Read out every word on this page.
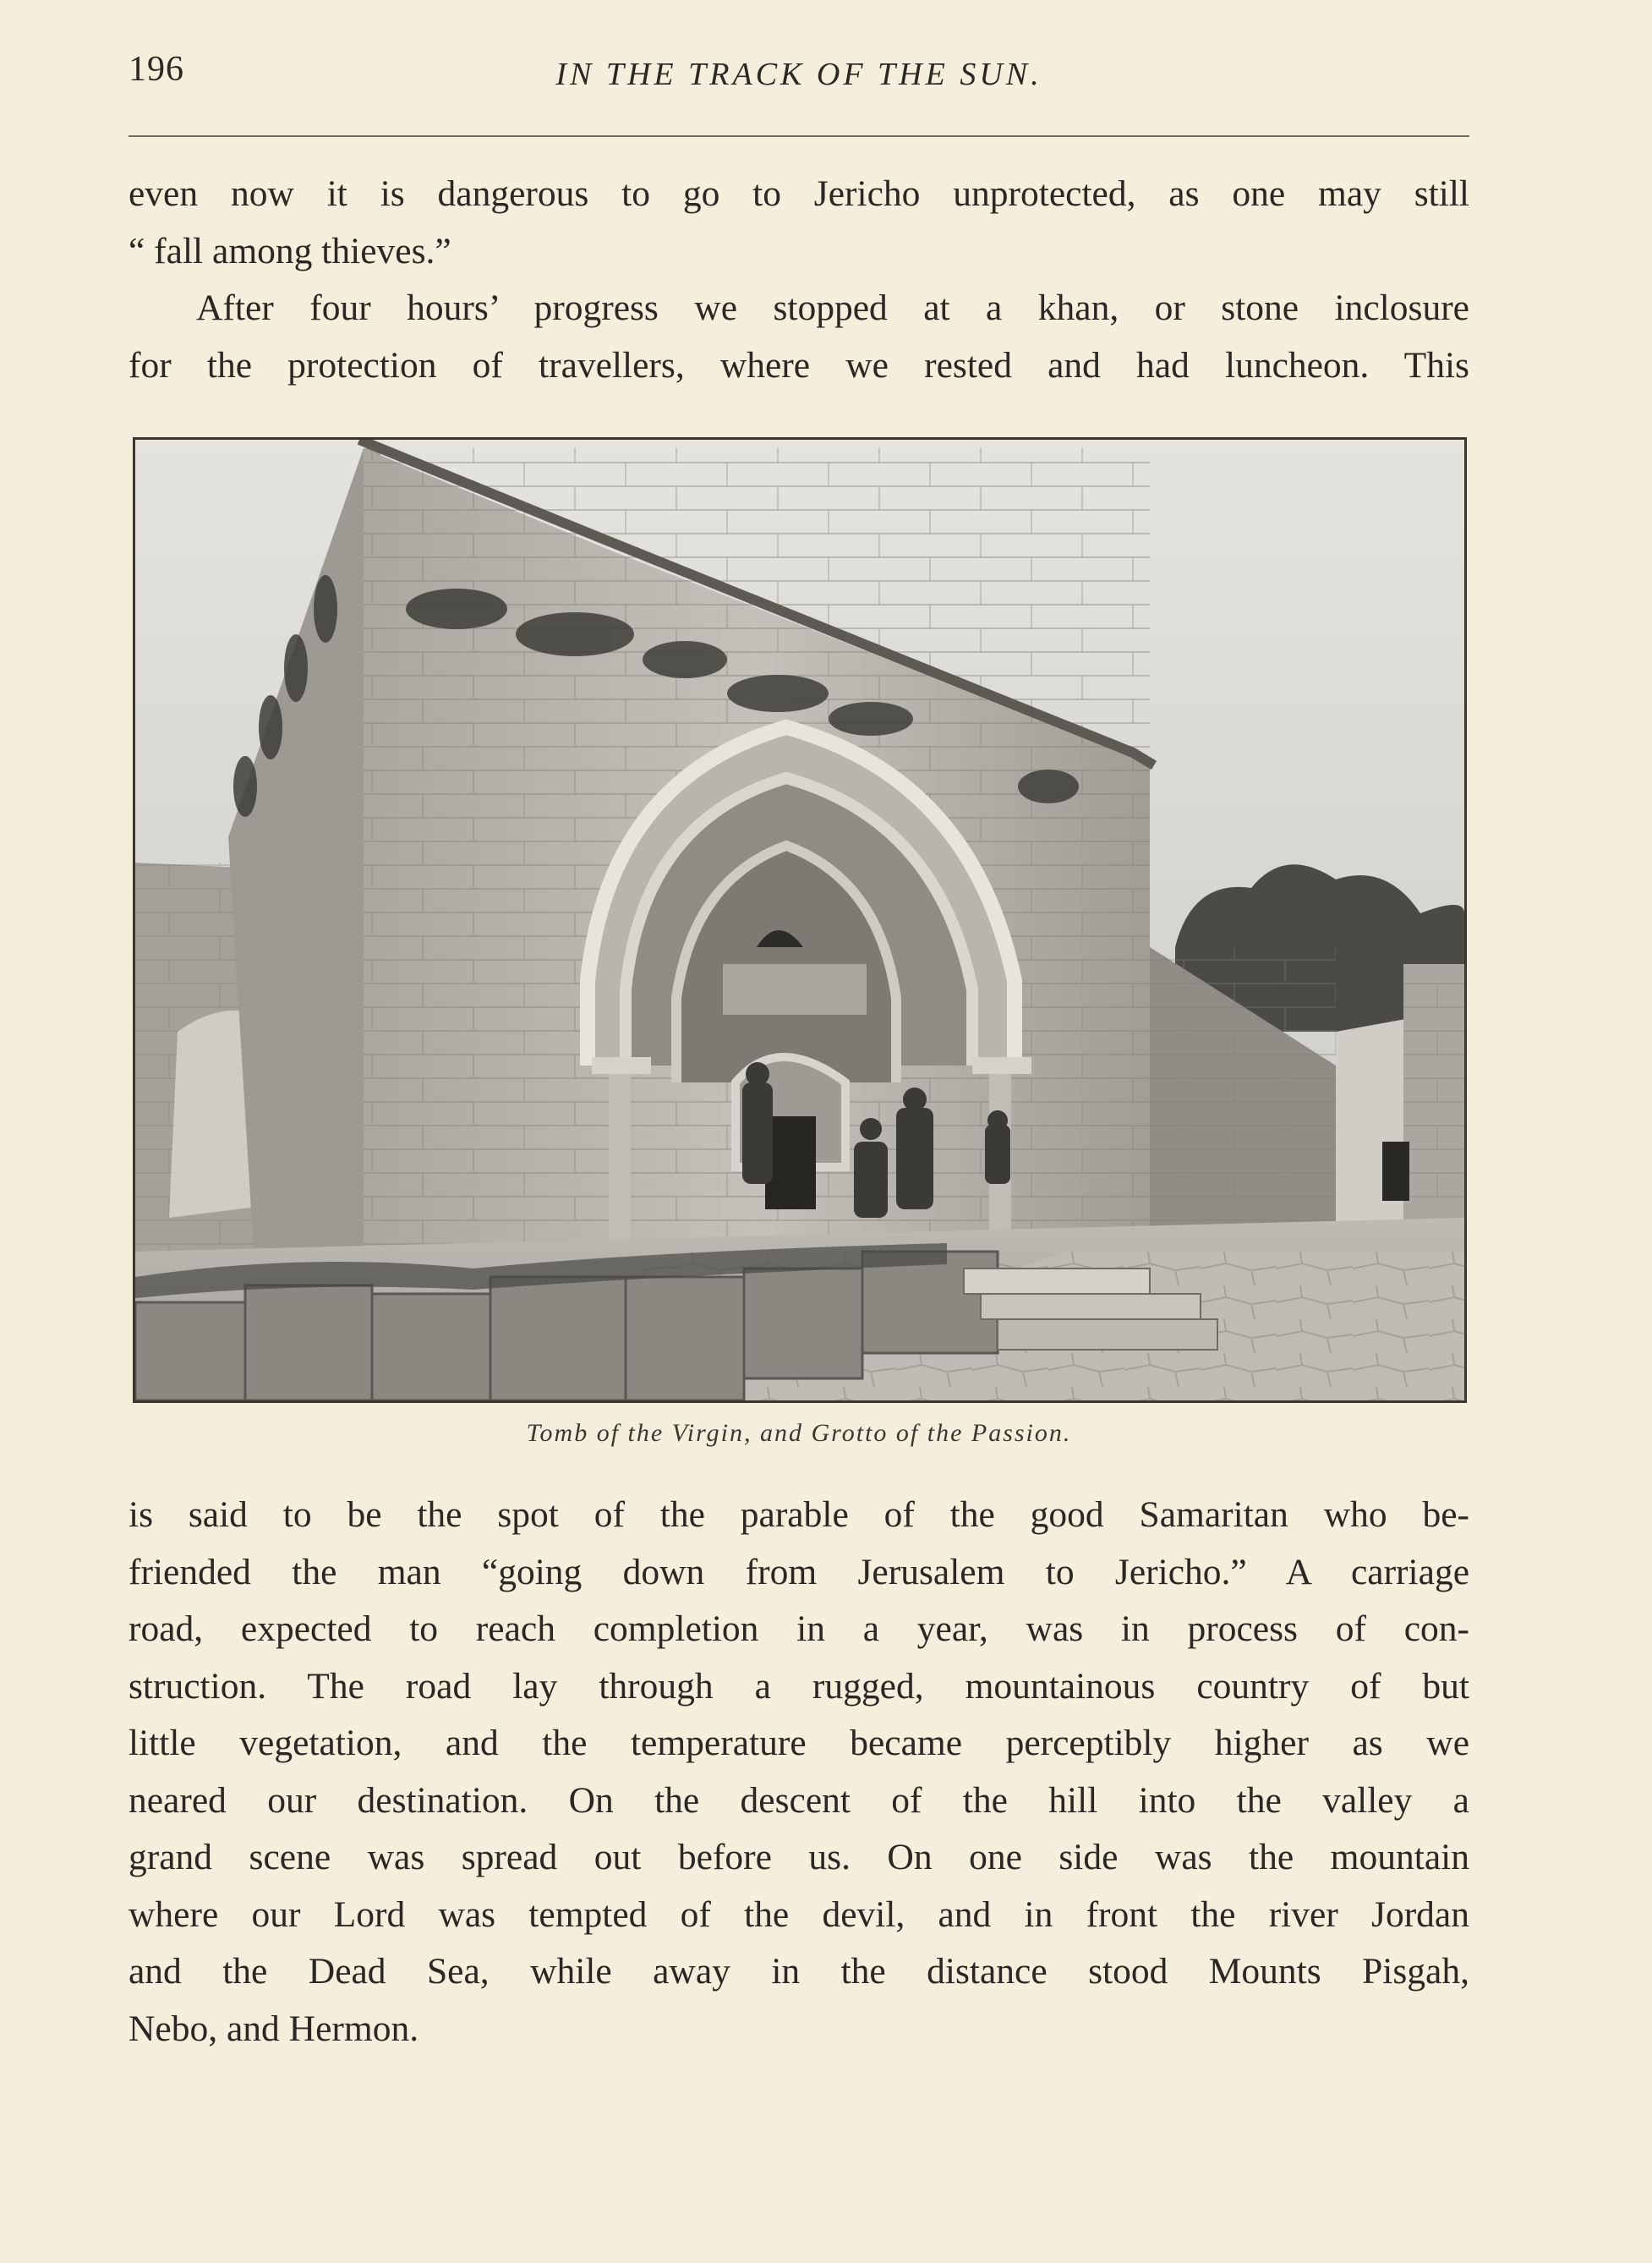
196	IN THE TRACK OF THE SUN.
even now it is dangerous to go to Jericho unprotected, as one may still
“ fall among thieves.”
After four hours’ progress we stopped at a khan, or stone inclosure
for the protection of travellers, where we rested and had luncheon. This
Tomb of the Virgin, and Grotto of the Passion.
is said to be the spot of the parable of the good Samaritan who be-
friended the man “going down from Jerusalem to Jericho.” A carriage
road, expected to reach completion in a year, was in process of con-
struction. The road lay through a rugged, mountainous country of but
little vegetation, and the temperature became perceptibly higher as we
neared our destination. On the descent of the hill into the valley a
grand scene was spread out before us. On one side was the mountain
where our Lord was tempted of the devil, and in front the river Jordan
and the Dead Sea, while away in the distance stood Mounts Pisgah,
Nebo, and Hermon.
